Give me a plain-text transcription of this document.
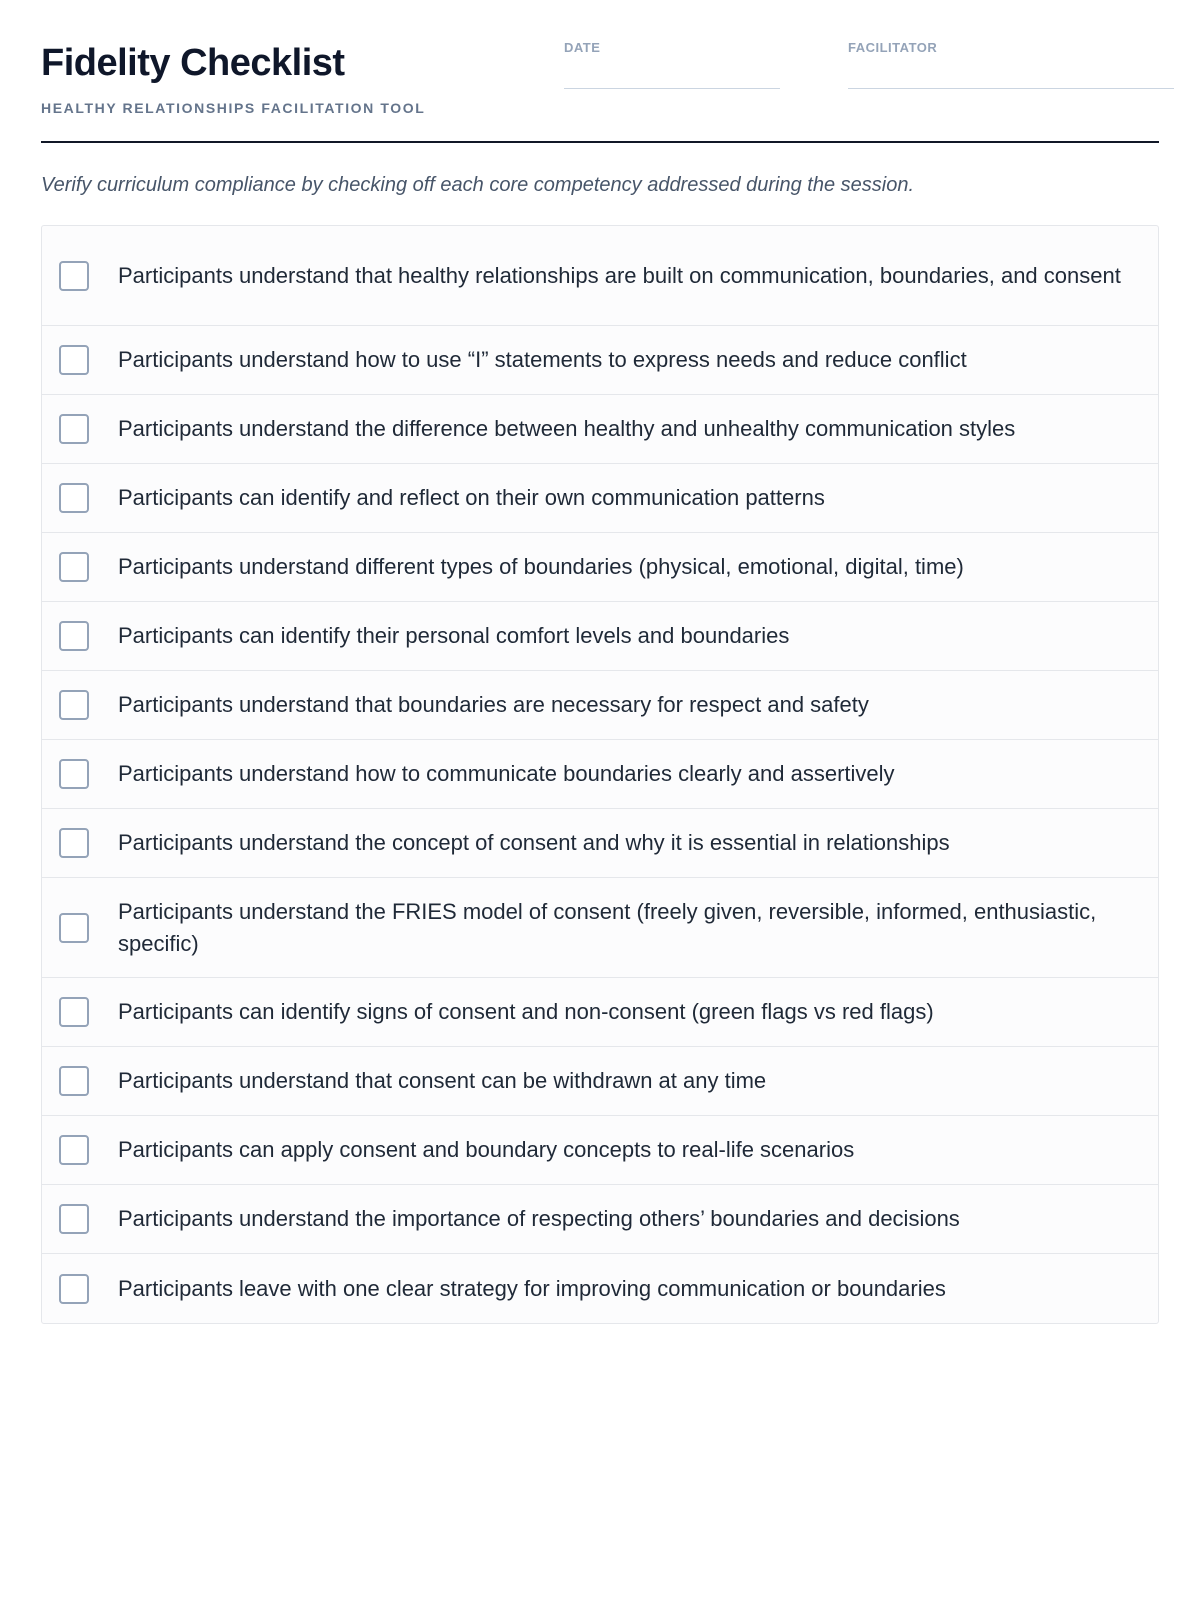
Fidelity Checklist
HEALTHY RELATIONSHIPS FACILITATION TOOL
DATE	FACILITATOR
Verify curriculum compliance by checking off each core competency addressed during the session.
Participants understand that healthy relationships are built on communication, boundaries, and consent
Participants understand how to use “I” statements to express needs and reduce conflict
Participants understand the difference between healthy and unhealthy communication styles
Participants can identify and reflect on their own communication patterns
Participants understand different types of boundaries (physical, emotional, digital, time)
Participants can identify their personal comfort levels and boundaries
Participants understand that boundaries are necessary for respect and safety
Participants understand how to communicate boundaries clearly and assertively
Participants understand the concept of consent and why it is essential in relationships
Participants understand the FRIES model of consent (freely given, reversible, informed, enthusiastic, specific)
Participants can identify signs of consent and non-consent (green flags vs red flags)
Participants understand that consent can be withdrawn at any time
Participants can apply consent and boundary concepts to real-life scenarios
Participants understand the importance of respecting others’ boundaries and decisions
Participants leave with one clear strategy for improving communication or boundaries
